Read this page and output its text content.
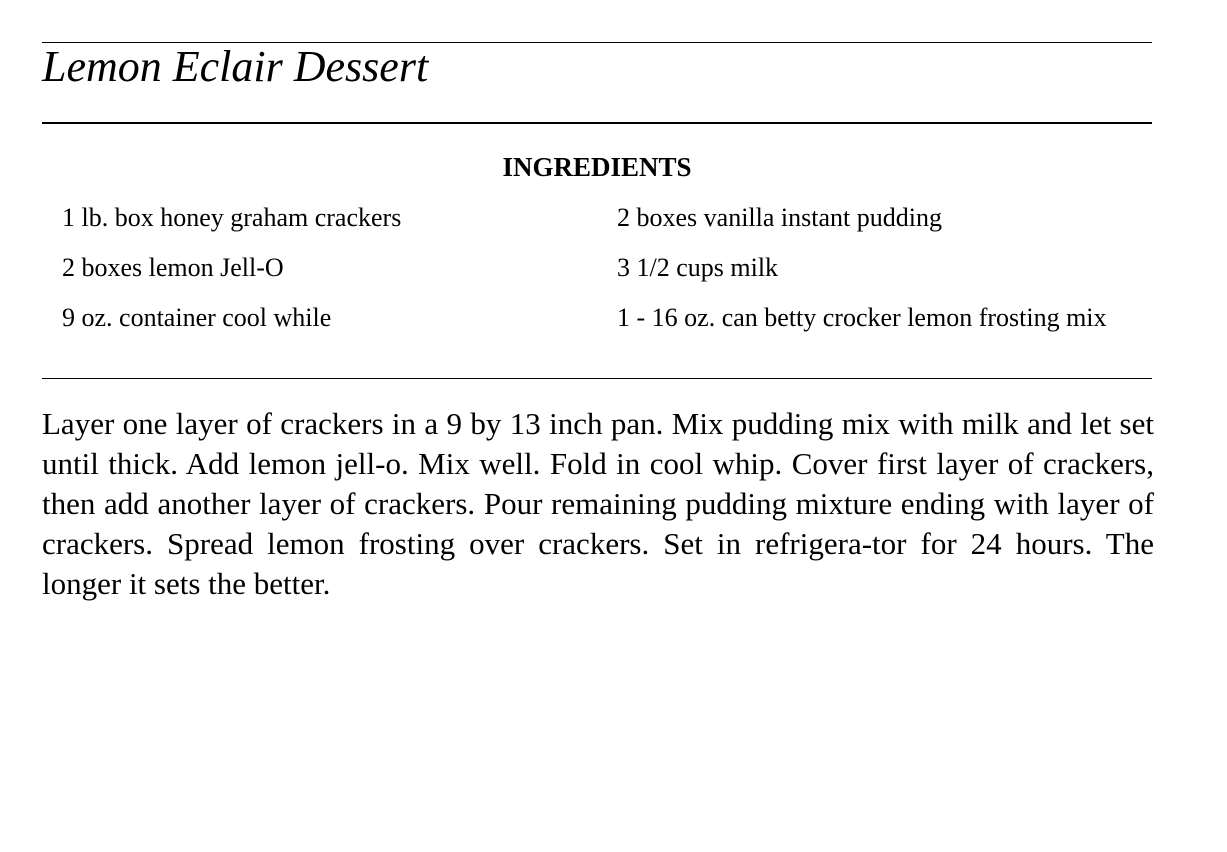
Lemon Eclair Dessert
INGREDIENTS

1 lb. box honey graham crackers	2 boxes vanilla instant pudding

2 boxes lemon Jell-O	3 1/2 cups milk

9 oz. container cool while	1 - 16 oz. can betty crocker lemon frosting mix

Layer one layer of crackers in a 9 by 13 inch pan. Mix pudding mix with milk and let set until thick. Add lemon jell-o. Mix well. Fold in cool whip. Cover first layer of crackers, then add another layer of crackers. Pour remaining pudding mixture ending with layer of crackers. Spread lemon frosting over crackers. Set in refrigera-tor for 24 hours. The longer it sets the better.
